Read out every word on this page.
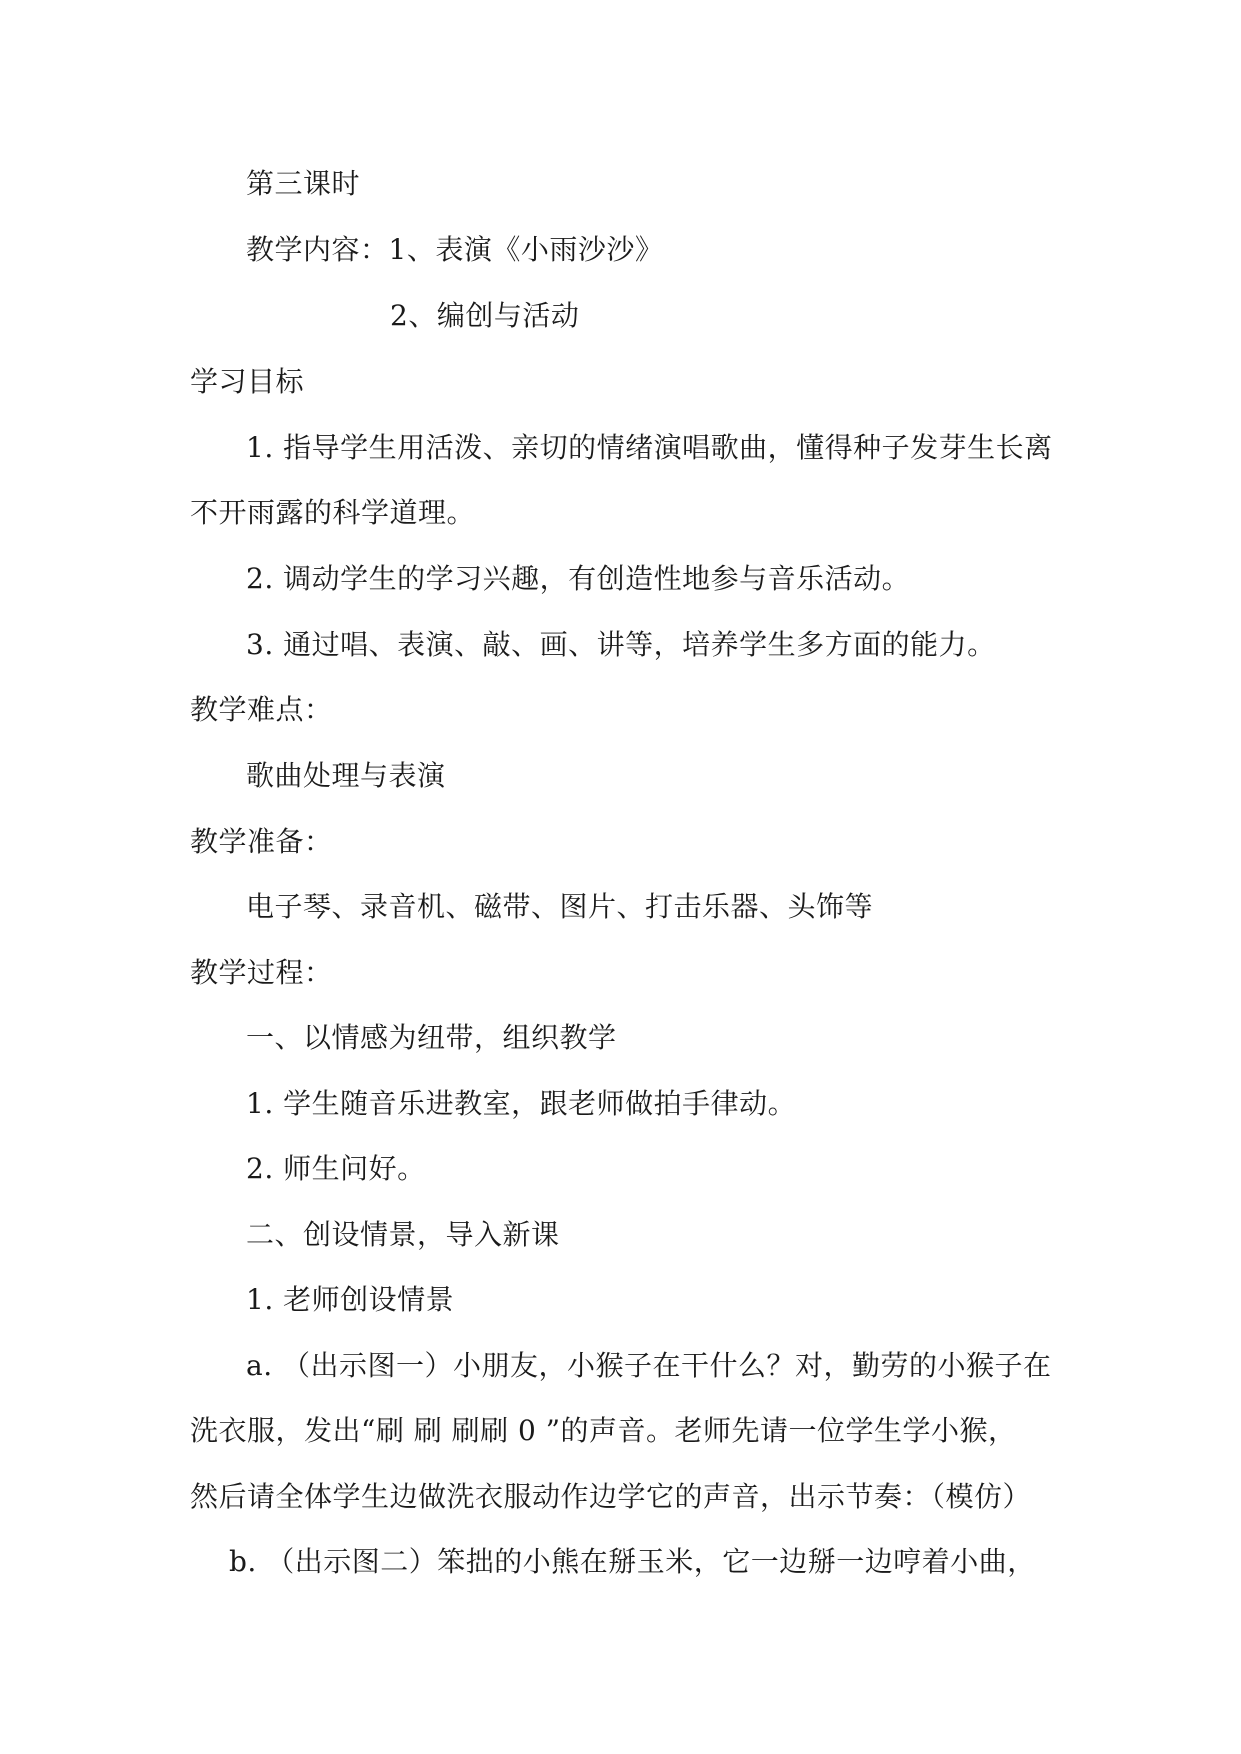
第三课时
教学内容：1、表演《小雨沙沙》
2、编创与活动
学习目标
1. 指导学生用活泼、亲切的情绪演唱歌曲，懂得种子发芽生长离
不开雨露的科学道理。
2. 调动学生的学习兴趣，有创造性地参与音乐活动。
3. 通过唱、表演、敲、画、讲等，培养学生多方面的能力。
教学难点：
歌曲处理与表演
教学准备：
电子琴、录音机、磁带、图片、打击乐器、头饰等
教学过程：
一、以情感为纽带，组织教学
1. 学生随音乐进教室，跟老师做拍手律动。
2. 师生问好。
二、创设情景，导入新课
1. 老师创设情景
a. （出示图一）小朋友，小猴子在干什么？对，勤劳的小猴子在
洗衣服，发出“刷 刷 刷刷 0 ”的声音。老师先请一位学生学小猴，
然后请全体学生边做洗衣服动作边学它的声音，出示节奏：（模仿）
b. （出示图二）笨拙的小熊在掰玉米，它一边掰一边哼着小曲，
